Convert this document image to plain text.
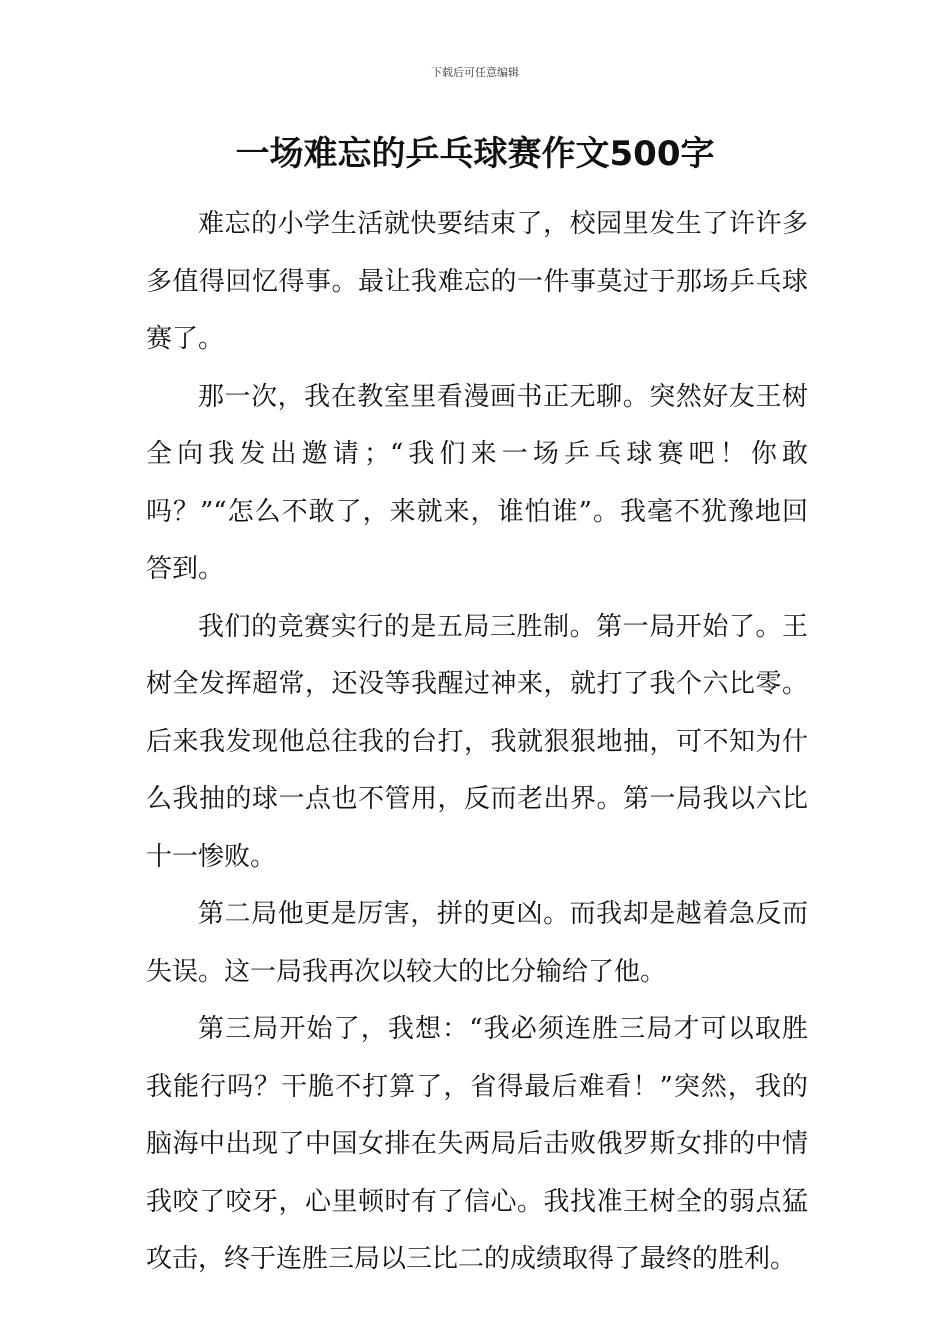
下载后可任意编辑
一场难忘的乒乓球赛作文500字

难忘的小学生活就快要结束了，校园里发生了许许多多值得回忆得事。最让我难忘的一件事莫过于那场乒乓球赛了。

那一次，我在教室里看漫画书正无聊。突然好友王树全向我发出邀请；“我们来一场乒乓球赛吧！你敢吗？”“怎么不敢了，来就来，谁怕谁”。我毫不犹豫地回答到。

我们的竞赛实行的是五局三胜制。第一局开始了。王树全发挥超常，还没等我醒过神来，就打了我个六比零。后来我发现他总往我的台打，我就狠狠地抽，可不知为什么我抽的球一点也不管用，反而老出界。第一局我以六比十一惨败。

第二局他更是厉害，拼的更凶。而我却是越着急反而失误。这一局我再次以较大的比分输给了他。

第三局开始了，我想：“我必须连胜三局才可以取胜我能行吗？干脆不打算了，省得最后难看！”突然，我的脑海中出现了中国女排在失两局后击败俄罗斯女排的中情我咬了咬牙，心里顿时有了信心。我找准王树全的弱点猛攻击，终于连胜三局以三比二的成绩取得了最终的胜利。
